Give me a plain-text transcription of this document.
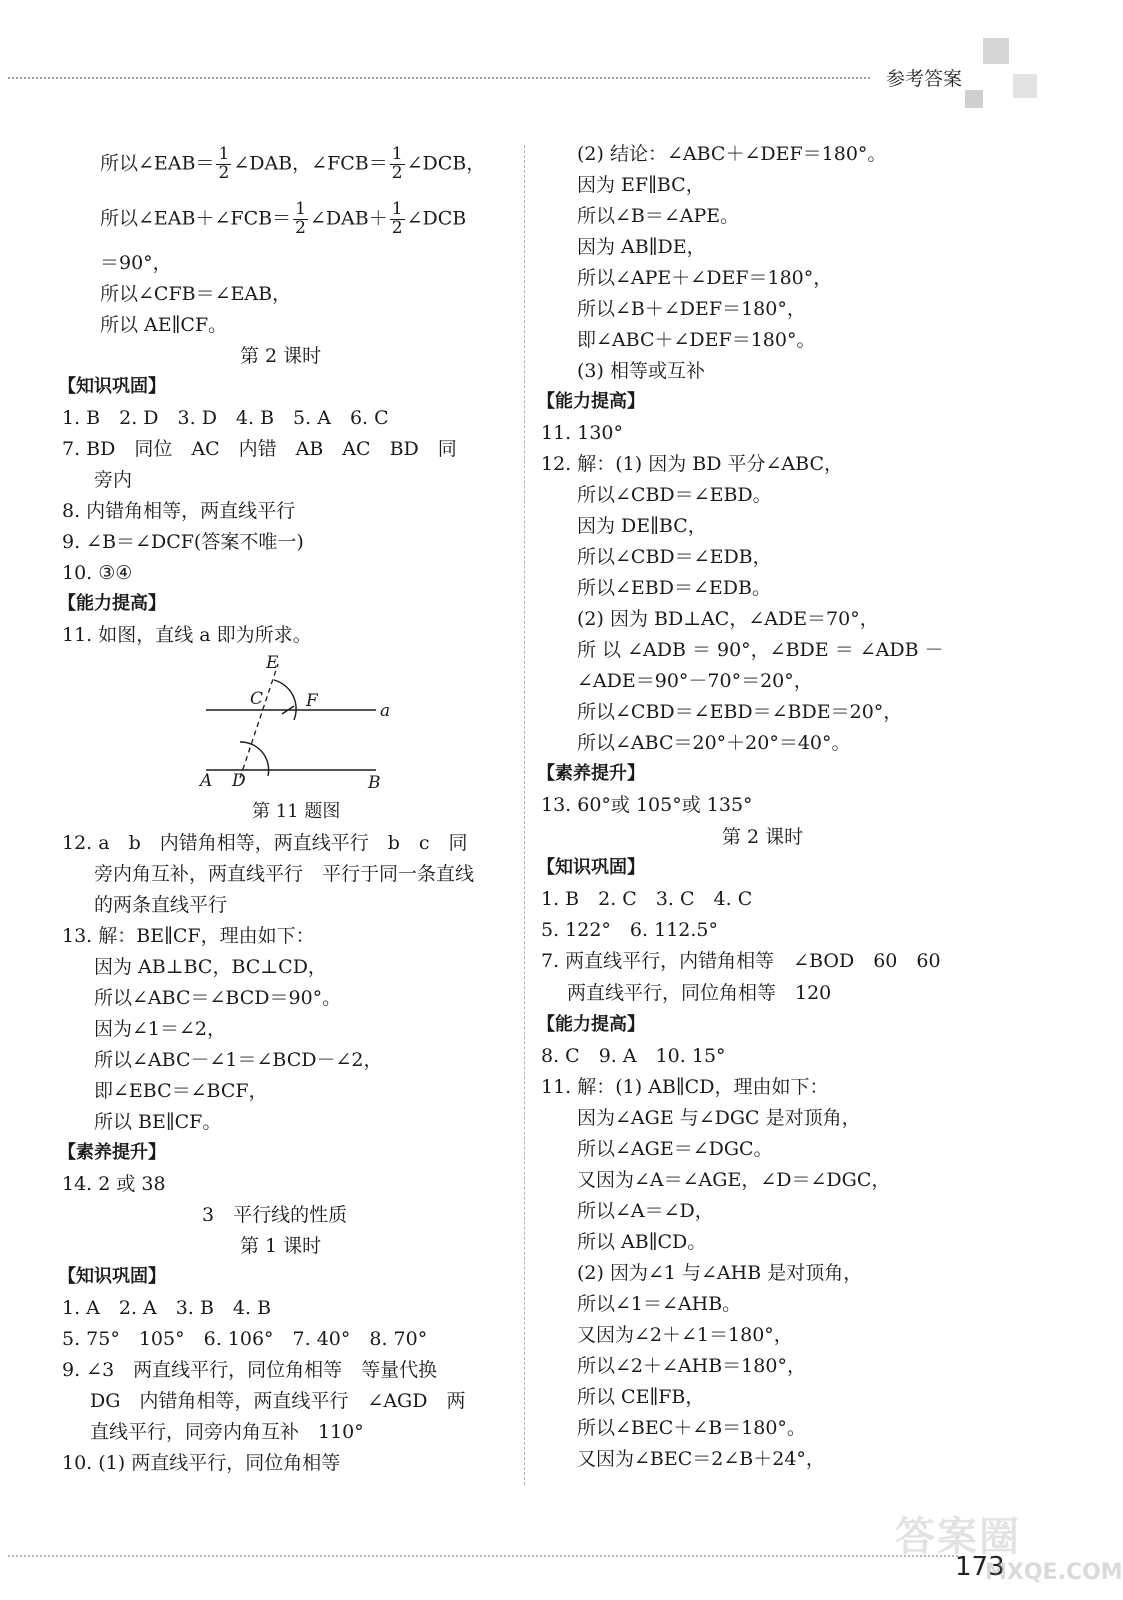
参考答案
所以∠EAB＝ $\frac{1}{2}$ ∠DAB，∠FCB＝ $\frac{1}{2}$ ∠DCB，
所以∠EAB＋∠FCB＝ $\frac{1}{2}$ ∠DAB＋ $\frac{1}{2}$ ∠DCB
＝90°，
所以∠CFB＝∠EAB，
所以 AE∥CF。
第 2 课时
【知识巩固】
1. B　2. D　3. D　4. B　5. A　6. C
7. BD　同位　AC　内错　AB　AC　BD　同
旁内
8. 内错角相等，两直线平行
9. ∠B＝∠DCF(答案不唯一)
10. ③④
【能力提高】
11. 如图，直线 a 即为所求。
E
C	F	a
A D	B
第 11 题图
12. a　b　内错角相等，两直线平行　b　c　同
旁内角互补，两直线平行　平行于同一条直线
的两条直线平行
13. 解：BE∥CF，理由如下：
因为 AB⊥BC，BC⊥CD，
所以∠ABC＝∠BCD＝90°。
因为∠1＝∠2，
所以∠ABC－∠1＝∠BCD－∠2，
即∠EBC＝∠BCF，
所以 BE∥CF。
【素养提升】
14. 2 或 38
3　平行线的性质
第 1 课时
【知识巩固】
1. A　2. A　3. B　4. B
5. 75°　105°　6. 106°　7. 40°　8. 70°
9. ∠3　两直线平行，同位角相等　等量代换
DG　内错角相等，两直线平行　∠AGD　两
直线平行，同旁内角互补　110°
10. (1) 两直线平行，同位角相等
(2) 结论：∠ABC＋∠DEF＝180°。
因为 EF∥BC，
所以∠B＝∠APE。
因为 AB∥DE，
所以∠APE＋∠DEF＝180°，
所以∠B＋∠DEF＝180°，
即∠ABC＋∠DEF＝180°。
(3) 相等或互补
【能力提高】
11. 130°
12. 解：(1) 因为 BD 平分∠ABC，
所以∠CBD＝∠EBD。
因为 DE∥BC，
所以∠CBD＝∠EDB，
所以∠EBD＝∠EDB。
(2) 因为 BD⊥AC，∠ADE＝70°，
所 以 ∠ADB ＝ 90°，∠BDE ＝ ∠ADB －
∠ADE＝90°－70°＝20°，
所以∠CBD＝∠EBD＝∠BDE＝20°，
所以∠ABC＝20°＋20°＝40°。
【素养提升】
13. 60°或 105°或 135°
第 2 课时
【知识巩固】
1. B　2. C　3. C　4. C
5. 122°　6. 112.5°
7. 两直线平行，内错角相等　∠BOD　60　60
两直线平行，同位角相等　120
【能力提高】
8. C　9. A　10. 15°
11. 解：(1) AB∥CD，理由如下：
因为∠AGE 与∠DGC 是对顶角，
所以∠AGE＝∠DGC。
又因为∠A＝∠AGE，∠D＝∠DGC，
所以∠A＝∠D，
所以 AB∥CD。
(2) 因为∠1 与∠AHB 是对顶角，
所以∠1＝∠AHB。
又因为∠2＋∠1＝180°，
所以∠2＋∠AHB＝180°，
所以 CE∥FB，
所以∠BEC＋∠B＝180°。
又因为∠BEC＝2∠B＋24°，
答案圈
173
MXQE.COM
